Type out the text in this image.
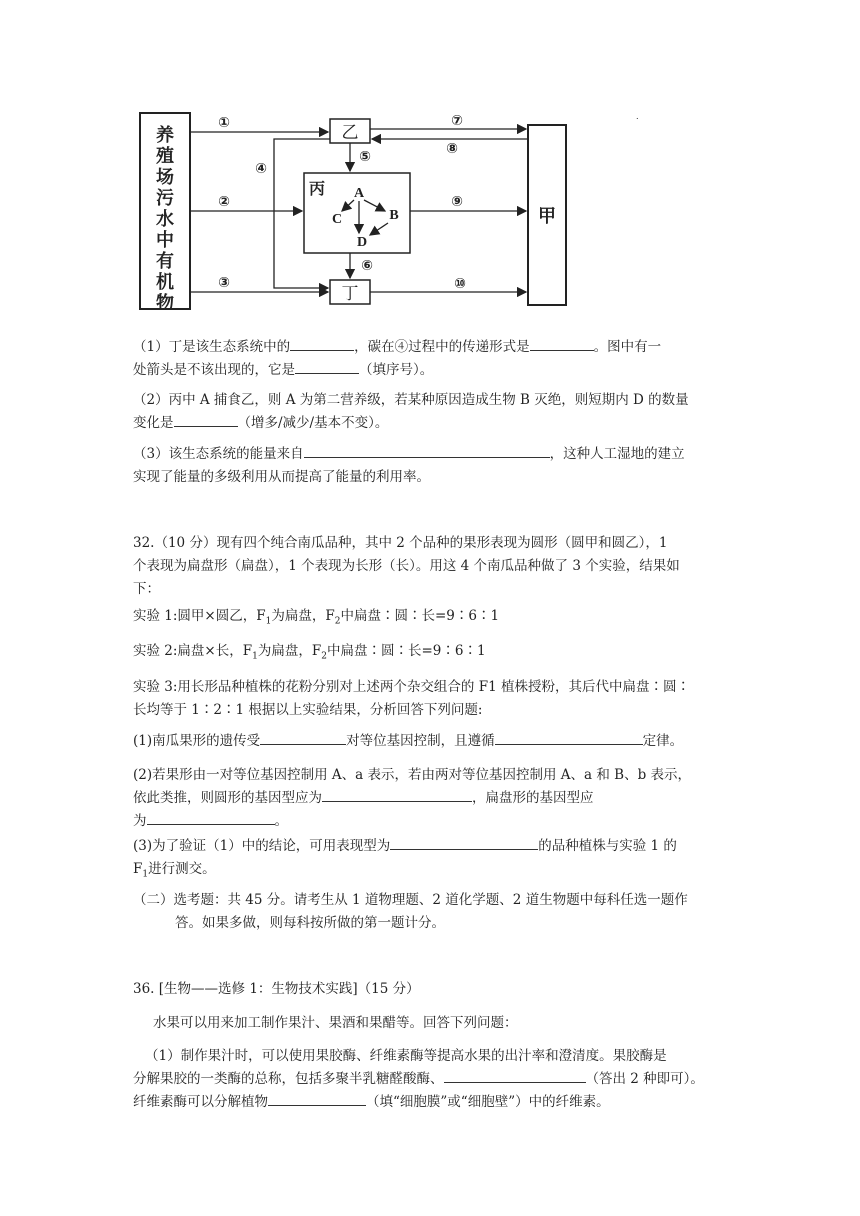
养
殖
场
污
水
中
有
机
物
乙
丙 A
C	B
D
丁
甲
①
②
③
④
⑤
⑥
⑦
⑧
⑨
⑩
.
（1）丁是该生态系统中的	，碳在④过程中的传递形式是	。图中有一
处箭头是不该出现的，它是	（填序号）。
（2）丙中 A 捕食乙，则 A 为第二营养级，若某种原因造成生物 B 灭绝，则短期内 D 的数量
变化是	（增多/减少/基本不变）。
（3）该生态系统的能量来自	，这种人工湿地的建立
实现了能量的多级利用从而提高了能量的利用率。
32.（10 分）现有四个纯合南瓜品种，其中 2 个品种的果形表现为圆形（圆甲和圆乙），1
个表现为扁盘形（扁盘），1 个表现为长形（长）。用这 4 个南瓜品种做了 3 个实验，结果如
下：
实验 1:圆甲×圆乙，$F_1$为扁盘，$F_2$中扁盘∶圆∶长=9∶6∶1
实验 2:扁盘×长，$F_1$为扁盘，$F_2$中扁盘∶圆∶长=9∶6∶1
实验 3:用长形品种植株的花粉分别对上述两个杂交组合的 F1 植株授粉，其后代中扁盘∶圆∶
长均等于 1∶2∶1 根据以上实验结果，分析回答下列问题:
(1)南瓜果形的遗传受	对等位基因控制，且遵循	定律。
(2)若果形由一对等位基因控制用 A、a 表示，若由两对等位基因控制用 A、a 和 B、b 表示，
依此类推，则圆形的基因型应为	，扁盘形的基因型应
为	。
(3)为了验证（1）中的结论，可用表现型为	的品种植株与实验 1 的
$F_1$进行测交。
（二）选考题：共 45 分。请考生从 1 道物理题、2 道化学题、2 道生物题中每科任选一题作
答。如果多做，则每科按所做的第一题计分。
36. [生物——选修 1：生物技术实践]（15 分）
水果可以用来加工制作果汁、果酒和果醋等。回答下列问题：
（1）制作果汁时，可以使用果胶酶、纤维素酶等提高水果的出汁率和澄清度。果胶酶是
分解果胶的一类酶的总称，包括多聚半乳糖醛酸酶、	（答出 2 种即可）。
纤维素酶可以分解植物	（填“细胞膜”或“细胞壁”）中的纤维素。
